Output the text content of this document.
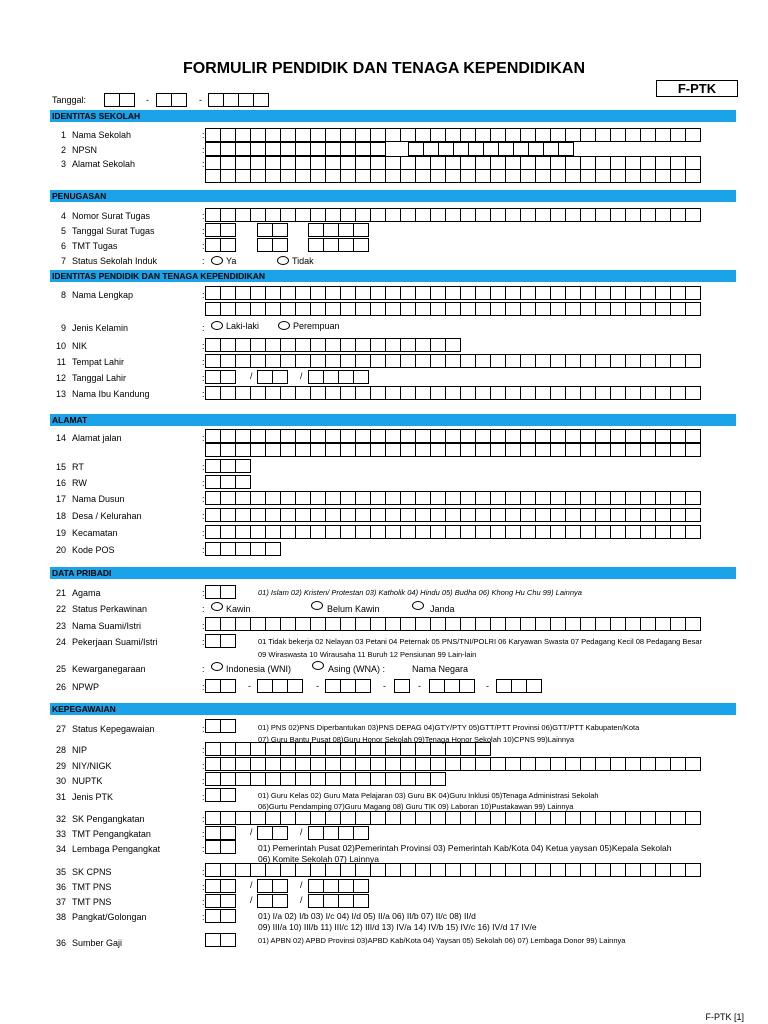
FORMULIR PENDIDIK DAN TENAGA KEPENDIDIKAN
F-PTK
Tanggal:	-	-
IDENTITAS SEKOLAH
1 Nama Sekolah	:
2 NPSN	:
3 Alamat Sekolah	:
PENUGASAN
4 Nomor Surat Tugas	:
5 Tanggal Surat Tugas	:
6 TMT Tugas	:
7 Status Sekolah Induk	: Ya	Tidak
IDENTITAS PENDIDIK DAN TENAGA KEPENDIDIKAN
8 Nama Lengkap	:
9 Jenis Kelamin	: Laki-laki	Perempuan
10 NIK	:
11 Tempat Lahir	:
12 Tanggal Lahir	:	/	/
13 Nama Ibu Kandung	:
ALAMAT
14 Alamat jalan	:
15 RT	:
16 RW	:
17 Nama Dusun	:
18 Desa / Kelurahan	:
19 Kecamatan	:
20 Kode POS	:
DATA PRIBADI
21 Agama	:	01) Islam 02) Kristen/ Protestan 03) Katholik 04) Hindu 05) Budha 06) Khong Hu Chu 99) Lainnya
22 Status Perkawinan	: Kawin	Belum Kawin	Janda
23 Nama Suami/Istri	:
24 Pekerjaan Suami/Istri	:	01 Tidak bekerja 02 Nelayan 03 Petani 04 Peternak 05 PNS/TNI/POLRI 06 Karyawan Swasta 07 Pedagang Kecil 08 Pedagang Besar
09 Wiraswasta 10 Wirausaha 11 Buruh 12 Pensiunan 99 Lain-lain
25 Kewarganegaraan	: Indonesia (WNI)	Asing (WNA) :	Nama Negara
26 NPWP	:	-	-	-	-	-
KEPEGAWAIAN
27 Status Kepegawaian	:	01) PNS 02)PNS Diperbantukan 03)PNS DEPAG 04)GTY/PTY 05)GTT/PTT Provinsi 06)GTT/PTT Kabupaten/Kota
07) Guru Bantu Pusat 08)Guru Honor Sekolah 09)Tenaga Honor Sekolah 10)CPNS 99)Lainnya
28 NIP	:
29 NIY/NIGK	:
30 NUPTK	:
31 Jenis PTK	:	01) Guru Kelas 02) Guru Mata Pelajaran 03) Guru BK 04)Guru Inklusi 05)Tenaga Administrasi Sekolah
06)Gurtu Pendamping 07)Guru Magang 08) Guru TIK 09) Laboran 10)Pustakawan 99) Lainnya
32 SK Pengangkatan	:
33 TMT Pengangkatan	:	/	/
34 Lembaga Pengangkat	:	01) Pemerintah Pusat 02)Pemerintah Provinsi 03) Pemerintah Kab/Kota 04) Ketua yaysan 05)Kepala Sekolah
06) Komite Sekolah 07) Lainnya
35 SK CPNS	:
36 TMT PNS	:	/	/
37 TMT PNS	:	/	/
38 Pangkat/Golongan	:	01) I/a 02) I/b 03) I/c 04) I/d 05) II/a 06) II/b 07) II/c 08) II/d
09) III/a 10) III/b 11) III/c 12) III/d 13) IV/a 14) IV/b 15) IV/c 16) IV/d 17 IV/e
36 Sumber Gaji	01) APBN 02) APBD Provinsi 03)APBD Kab/Kota 04) Yaysan 05) Sekolah 06) 07) Lembaga Donor 99) Lainnya
F-PTK [1]
